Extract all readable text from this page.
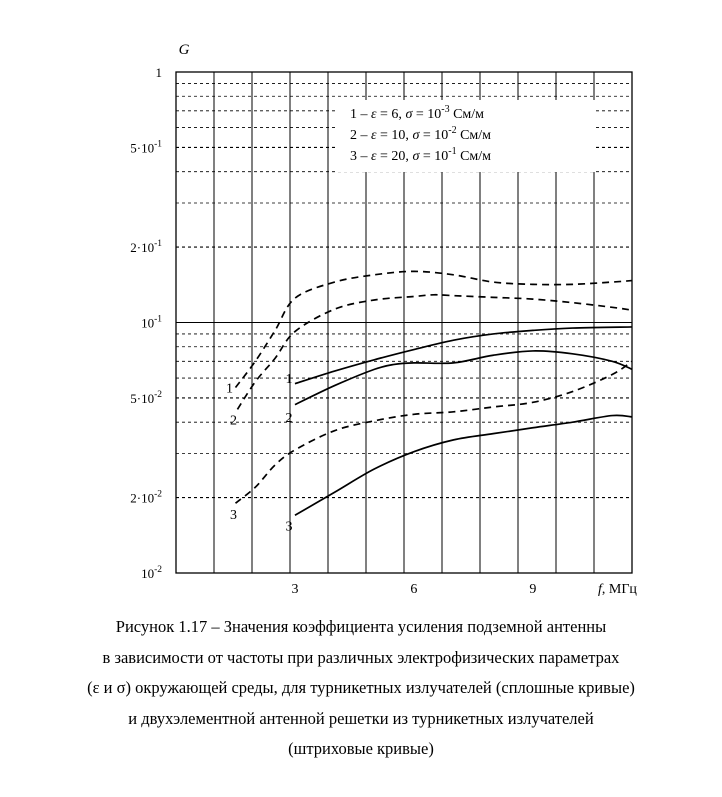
1 – ε = 6, $\sigma = 10^{-3}$ См/м
2 – ε = 10, $\sigma = 10^{-2}$ См/м
3 – ε = 20, $\sigma = 10^{-1}$ См/м
1
2
3
1
2
3
1
$5\cdot 10^{-1}$
$2\cdot 10^{-1}$
$10^{-1}$
$5\cdot 10^{-2}$
$2\cdot 10^{-2}$
$10^{-2}$
G
3	6	9	f, МГц
Рисунок 1.17 – Значения коэффициента усиления подземной антенны
в зависимости от частоты при различных электрофизических параметрах
(ε и σ) окружающей среды, для турникетных излучателей (сплошные кривые)
и двухэлементной антенной решетки из турникетных излучателей
(штриховые кривые)
